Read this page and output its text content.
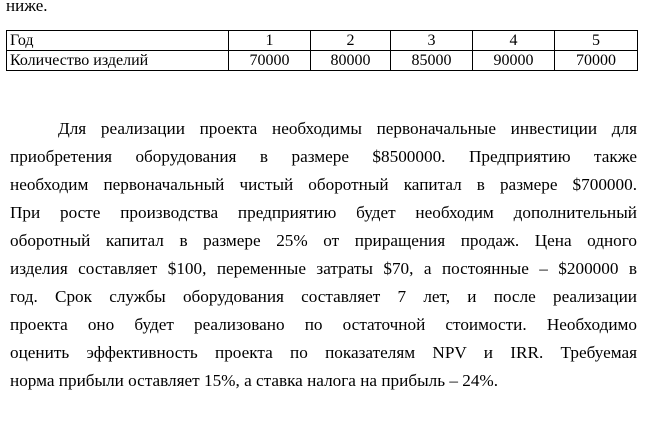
ниже.
Год	1	2	3	4	5
Количество изделий	70000	80000	85000	90000	70000
Для реализации проекта необходимы первоначальные инвестиции для
приобретения оборудования в размере $8500000. Предприятию также
необходим первоначальный чистый оборотный капитал в размере $700000.
При росте производства предприятию будет необходим дополнительный
оборотный капитал в размере 25% от приращения продаж. Цена одного
изделия составляет $100, переменные затраты $70, а постоянные – $200000 в
год. Срок службы оборудования составляет 7 лет, и после реализации
проекта оно будет реализовано по остаточной стоимости. Необходимо
оценить эффективность проекта по показателям NPV и IRR. Требуемая
норма прибыли оставляет 15%, а ставка налога на прибыль – 24%.
